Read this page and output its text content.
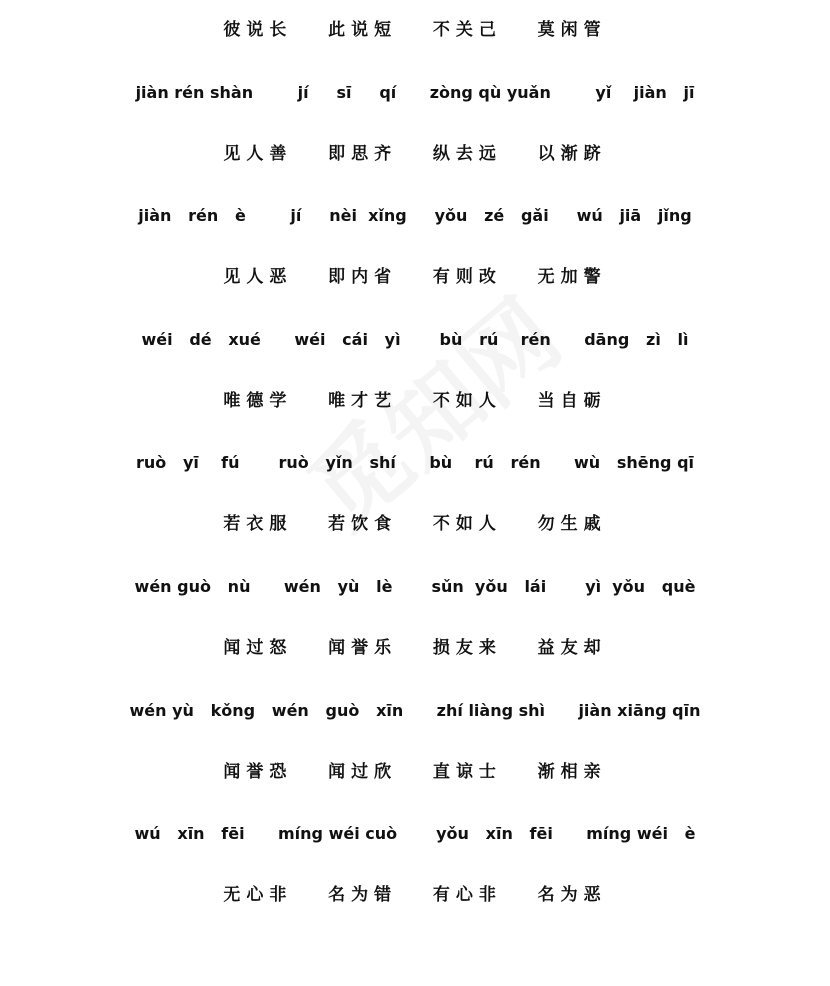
彼说长   此说短   不关己   莫闲管
jiàn rén shàn        jí     sī     qí      zòng qù yuǎn        yǐ    jiàn   jī
见人善   即思齐   纵去远   以渐跻
jiàn   rén   è        jí     nèi  xǐng     yǒu   zé   gǎi     wú   jiā   jǐng
见人恶   即内省   有则改   无加警
wéi   dé   xué      wéi   cái   yì       bù   rú    rén      dāng   zì   lì
唯德学   唯才艺   不如人   当自砺
ruò   yī    fú       ruò   yǐn   shí      bù    rú   rén      wù   shēng qī
若衣服   若饮食   不如人   勿生戚
wén guò   nù      wén   yù   lè       sǔn  yǒu   lái       yì  yǒu   què
闻过怒   闻誉乐   损友来   益友却
wén yù   kǒng   wén   guò   xīn      zhí liàng shì      jiàn xiāng qīn
闻誉恐   闻过欣   直谅士   渐相亲
wú   xīn   fēi      míng wéi cuò       yǒu   xīn   fēi      míng wéi   è
无心非   名为错   有心非   名为恶
